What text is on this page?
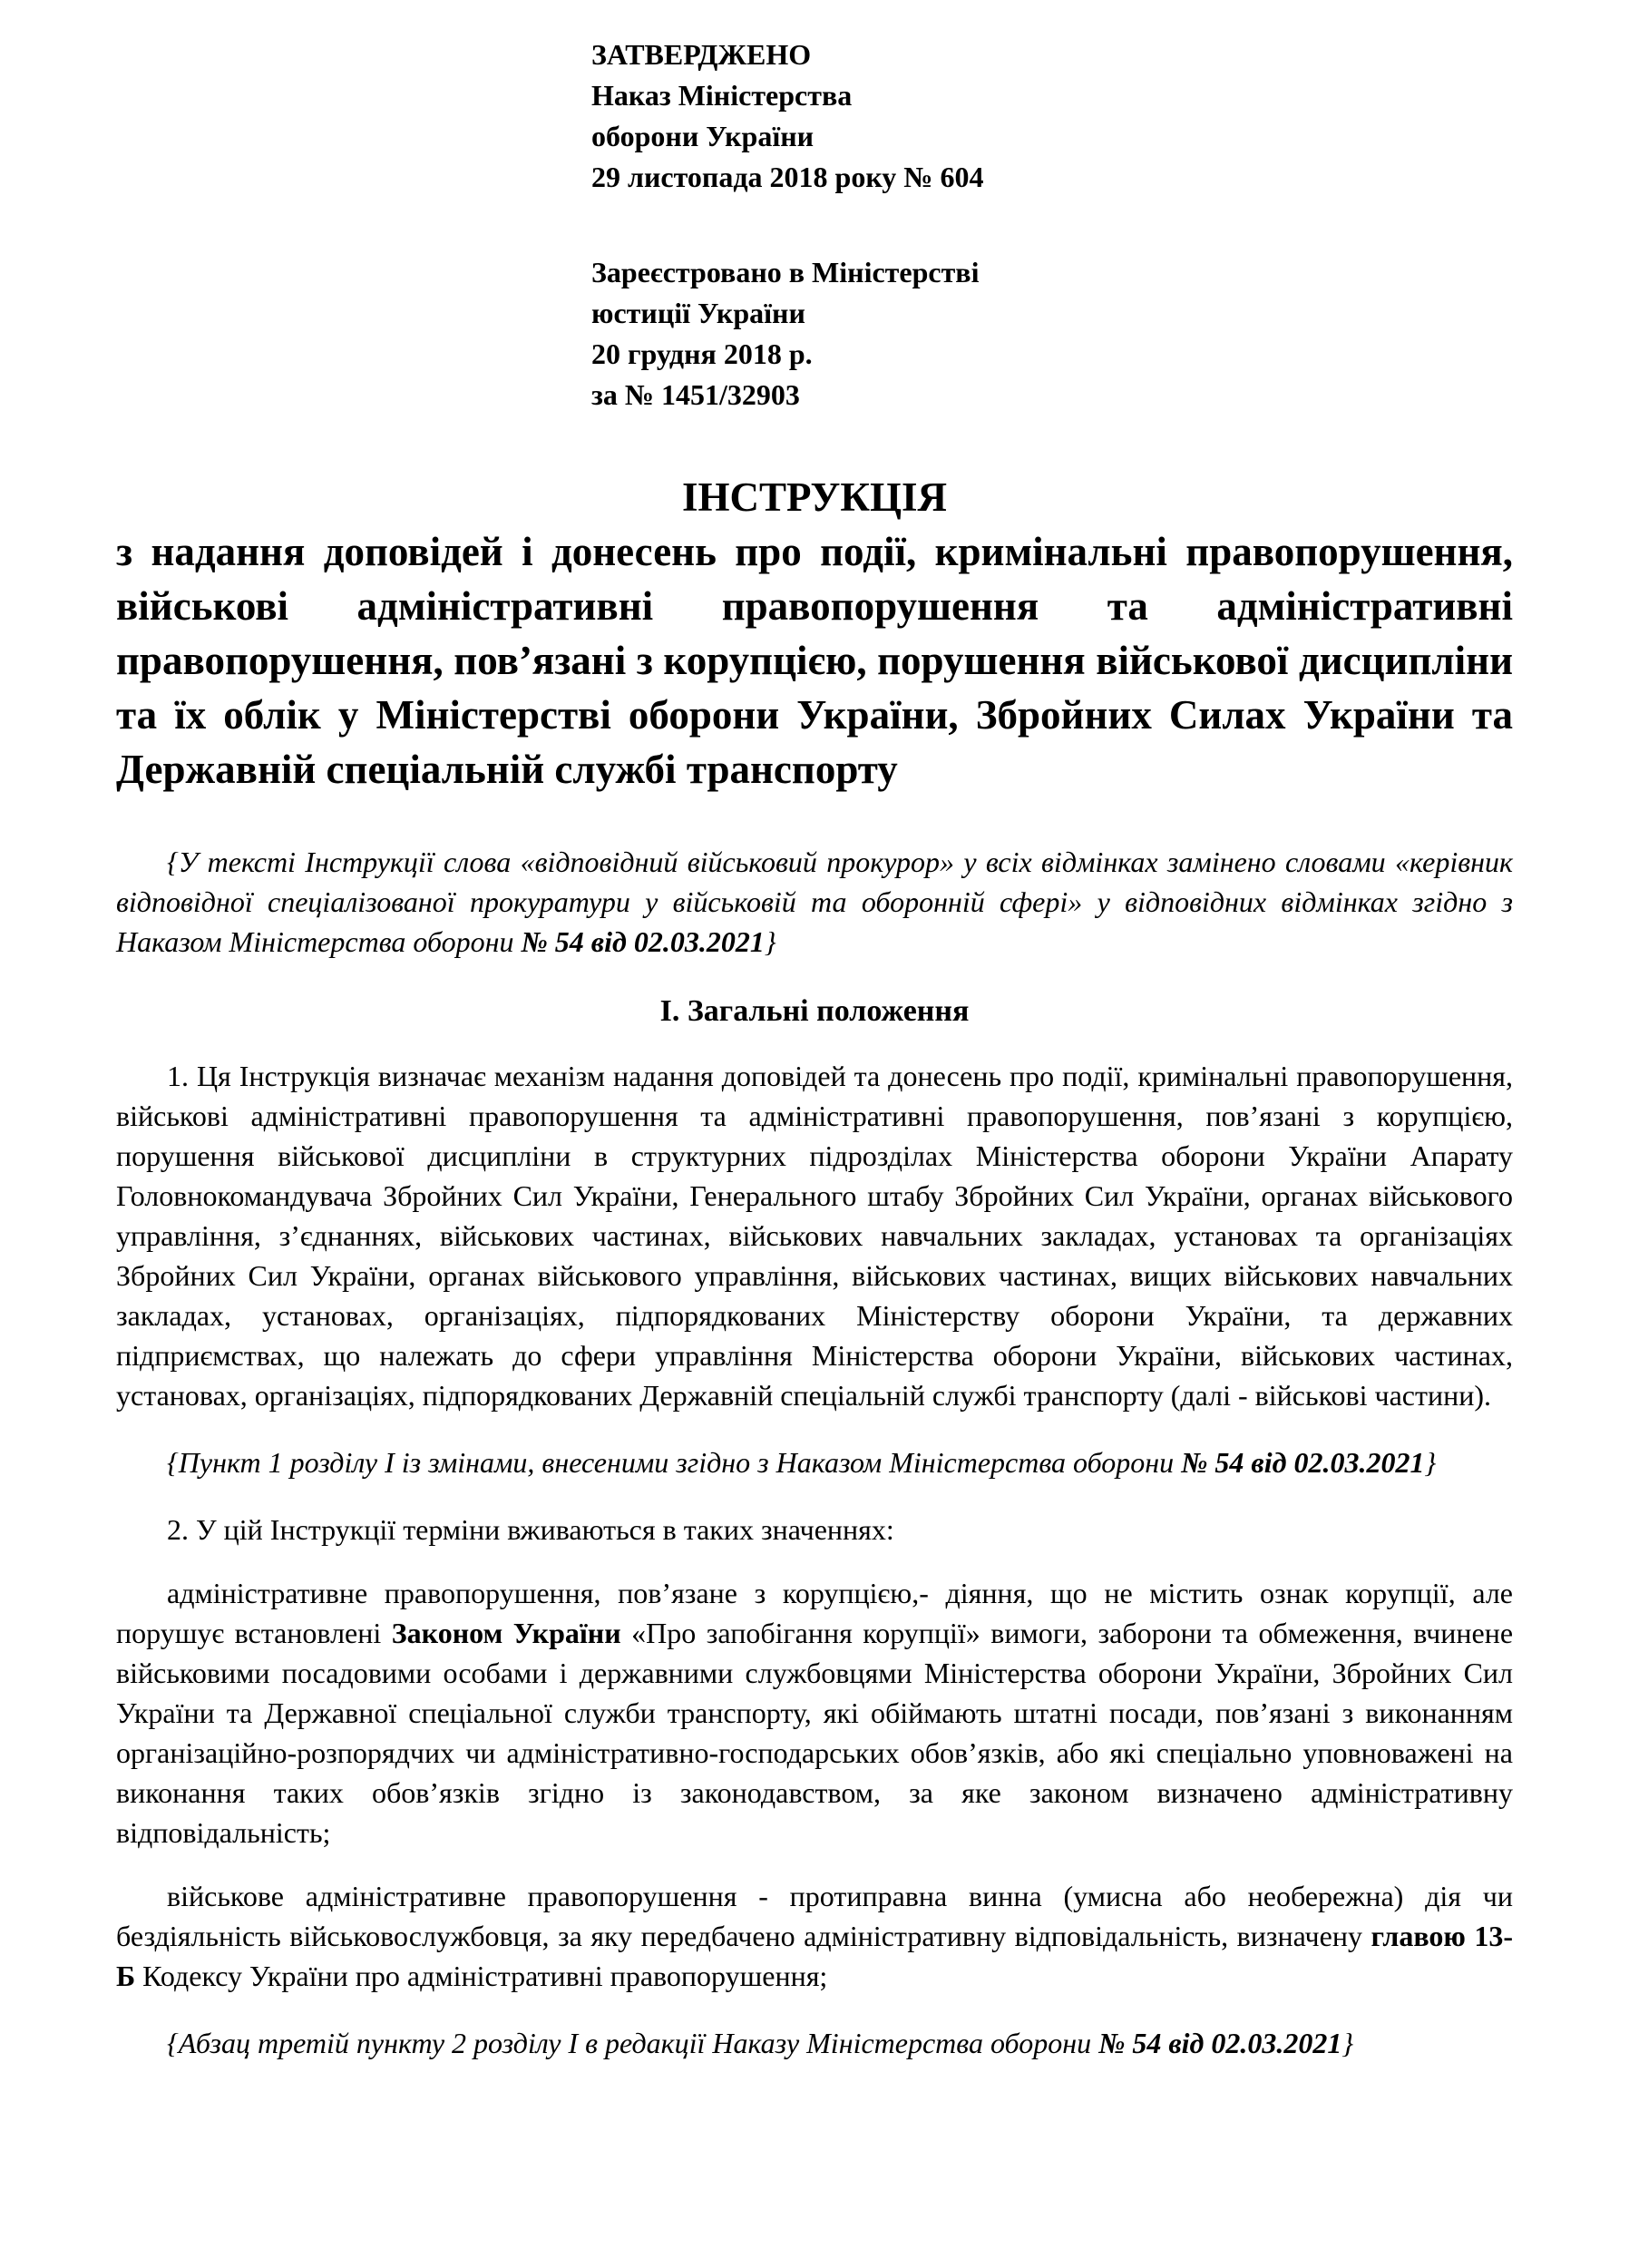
ЗАТВЕРДЖЕНО
Наказ Міністерства
оборони України
29 листопада 2018 року № 604
Зареєстровано в Міністерстві
юстиції України
20 грудня 2018 р.
за № 1451/32903
ІНСТРУКЦІЯ

з надання доповідей і донесень про події, кримінальні правопорушення, військові адміністративні правопорушення та адміністративні правопорушення, пов’язані з корупцією, порушення військової дисципліни та їх облік у Міністерстві оборони України, Збройних Силах України та Державній спеціальній службі транспорту

{У тексті Інструкції слова «відповідний військовий прокурор» у всіх відмінках замінено словами «керівник відповідної спеціалізованої прокуратури у військовій та оборонній сфері» у відповідних відмінках згідно з Наказом Міністерства оборони № 54 від 02.03.2021}

І. Загальні положення

1. Ця Інструкція визначає механізм надання доповідей та донесень про події, кримінальні правопорушення, військові адміністративні правопорушення та адміністративні правопорушення, пов’язані з корупцією, порушення військової дисципліни в структурних підрозділах Міністерства оборони України Апарату Головнокомандувача Збройних Сил України, Генерального штабу Збройних Сил України, органах військового управління, з’єднаннях, військових частинах, військових навчальних закладах, установах та організаціях Збройних Сил України, органах військового управління, військових частинах, вищих військових навчальних закладах, установах, організаціях, підпорядкованих Міністерству оборони України, та державних підприємствах, що належать до сфери управління Міністерства оборони України, військових частинах, установах, організаціях, підпорядкованих Державній спеціальній службі транспорту (далі - військові частини).

{Пункт 1 розділу І із змінами, внесеними згідно з Наказом Міністерства оборони № 54 від 02.03.2021}

2. У цій Інструкції терміни вживаються в таких значеннях:

адміністративне правопорушення, пов’язане з корупцією,- діяння, що не містить ознак корупції, але порушує встановлені Законом України «Про запобігання корупції» вимоги, заборони та обмеження, вчинене військовими посадовими особами і державними службовцями Міністерства оборони України, Збройних Сил України та Державної спеціальної служби транспорту, які обіймають штатні посади, пов’язані з виконанням організаційно-розпорядчих чи адміністративно-господарських обов’язків, або які спеціально уповноважені на виконання таких обов’язків згідно із законодавством, за яке законом визначено адміністративну відповідальність;

військове адміністративне правопорушення - протиправна винна (умисна або необережна) дія чи бездіяльність військовослужбовця, за яку передбачено адміністративну відповідальність, визначену главою 13-Б Кодексу України про адміністративні правопорушення;

{Абзац третій пункту 2 розділу І в редакції Наказу Міністерства оборони № 54 від 02.03.2021}
